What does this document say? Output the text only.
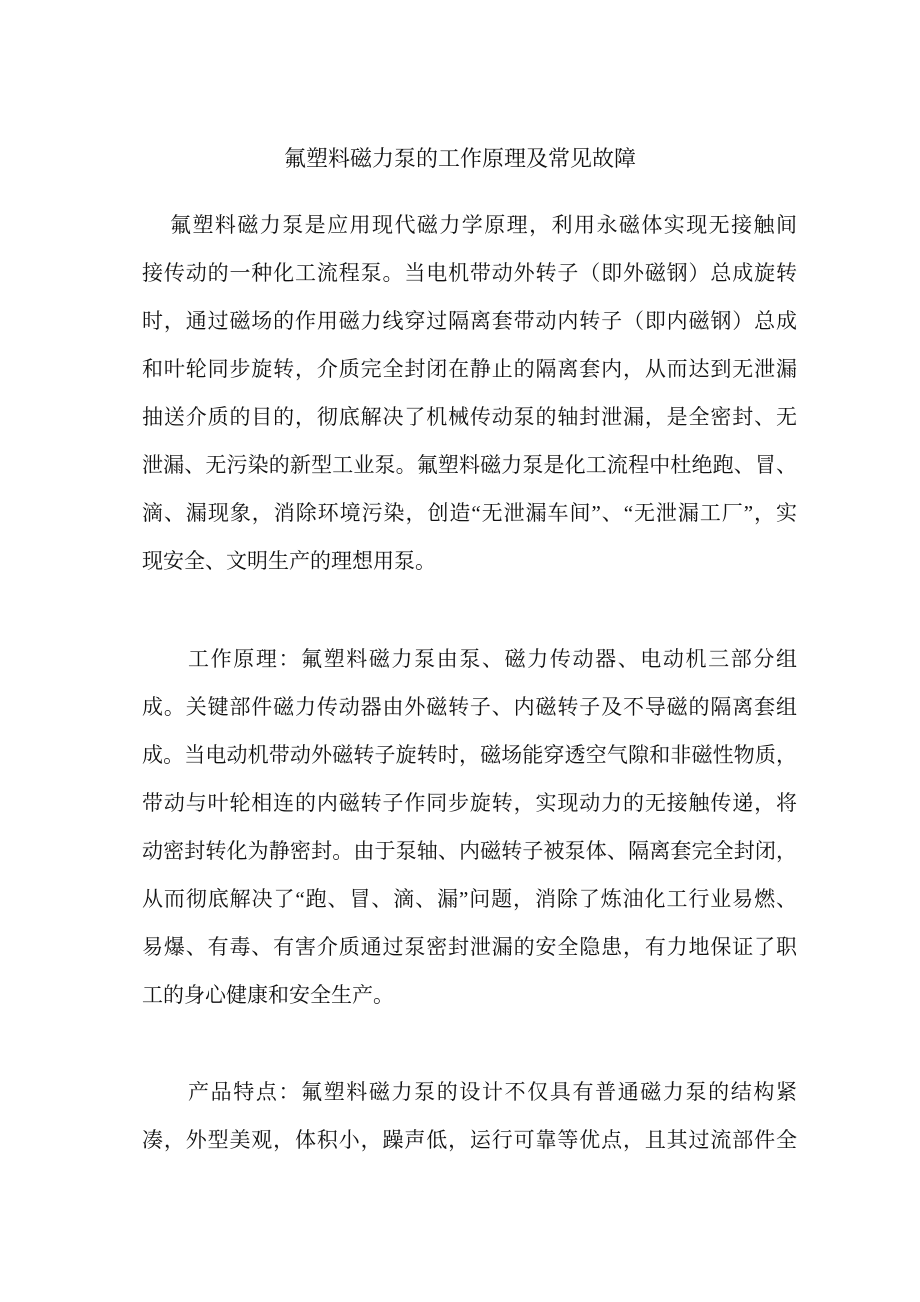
氟塑料磁力泵的工作原理及常见故障
氟塑料磁力泵是应用现代磁力学原理，利用永磁体实现无接触间
接传动的一种化工流程泵。当电机带动外转子（即外磁钢）总成旋转
时，通过磁场的作用磁力线穿过隔离套带动内转子（即内磁钢）总成
和叶轮同步旋转，介质完全封闭在静止的隔离套内，从而达到无泄漏
抽送介质的目的，彻底解决了机械传动泵的轴封泄漏，是全密封、无
泄漏、无污染的新型工业泵。氟塑料磁力泵是化工流程中杜绝跑、冒、
滴、漏现象，消除环境污染，创造“无泄漏车间”、“无泄漏工厂”，实
现安全、文明生产的理想用泵。
工作原理：氟塑料磁力泵由泵、磁力传动器、电动机三部分组
成。关键部件磁力传动器由外磁转子、内磁转子及不导磁的隔离套组
成。当电动机带动外磁转子旋转时，磁场能穿透空气隙和非磁性物质，
带动与叶轮相连的内磁转子作同步旋转，实现动力的无接触传递，将
动密封转化为静密封。由于泵轴、内磁转子被泵体、隔离套完全封闭，
从而彻底解决了“跑、冒、滴、漏”问题，消除了炼油化工行业易燃、
易爆、有毒、有害介质通过泵密封泄漏的安全隐患，有力地保证了职
工的身心健康和安全生产。
产品特点：氟塑料磁力泵的设计不仅具有普通磁力泵的结构紧
凑，外型美观，体积小，躁声低，运行可靠等优点，且其过流部件全
